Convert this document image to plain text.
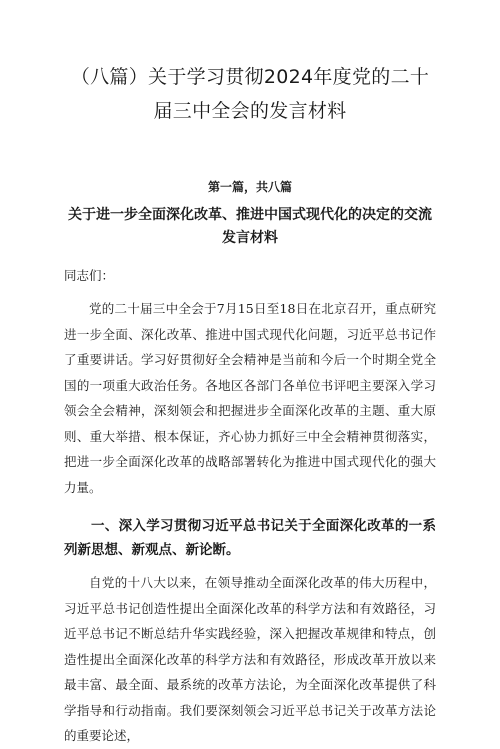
（八篇）关于学习贯彻2024年度党的二十届三中全会的发言材料
第一篇，共八篇
关于进一步全面深化改革、推进中国式现代化的决定的交流发言材料

同志们：

党的二十届三中全会于7月15日至18日在北京召开，重点研究进一步全面、深化改革、推进中国式现代化问题，习近平总书记作了重要讲话。学习好贯彻好全会精神是当前和今后一个时期全党全国的一项重大政治任务。各地区各部门各单位书评吧主要深入学习领会全会精神，深刻领会和把握进步全面深化改革的主题、重大原则、重大举措、根本保证，齐心协力抓好三中全会精神贯彻落实，把进一步全面深化改革的战略部署转化为推进中国式现代化的强大力量。

一、深入学习贯彻习近平总书记关于全面深化改革的一系列新思想、新观点、新论断。

自党的十八大以来，在领导推动全面深化改革的伟大历程中，习近平总书记创造性提出全面深化改革的科学方法和有效路径，习近平总书记不断总结升华实践经验，深入把握改革规律和特点，创造性提出全面深化改革的科学方法和有效路径，形成改革开放以来最丰富、最全面、最系统的改革方法论，为全面深化改革提供了科学指导和行动指南。我们要深刻领会习近平总书记关于改革方法论的重要论述，
